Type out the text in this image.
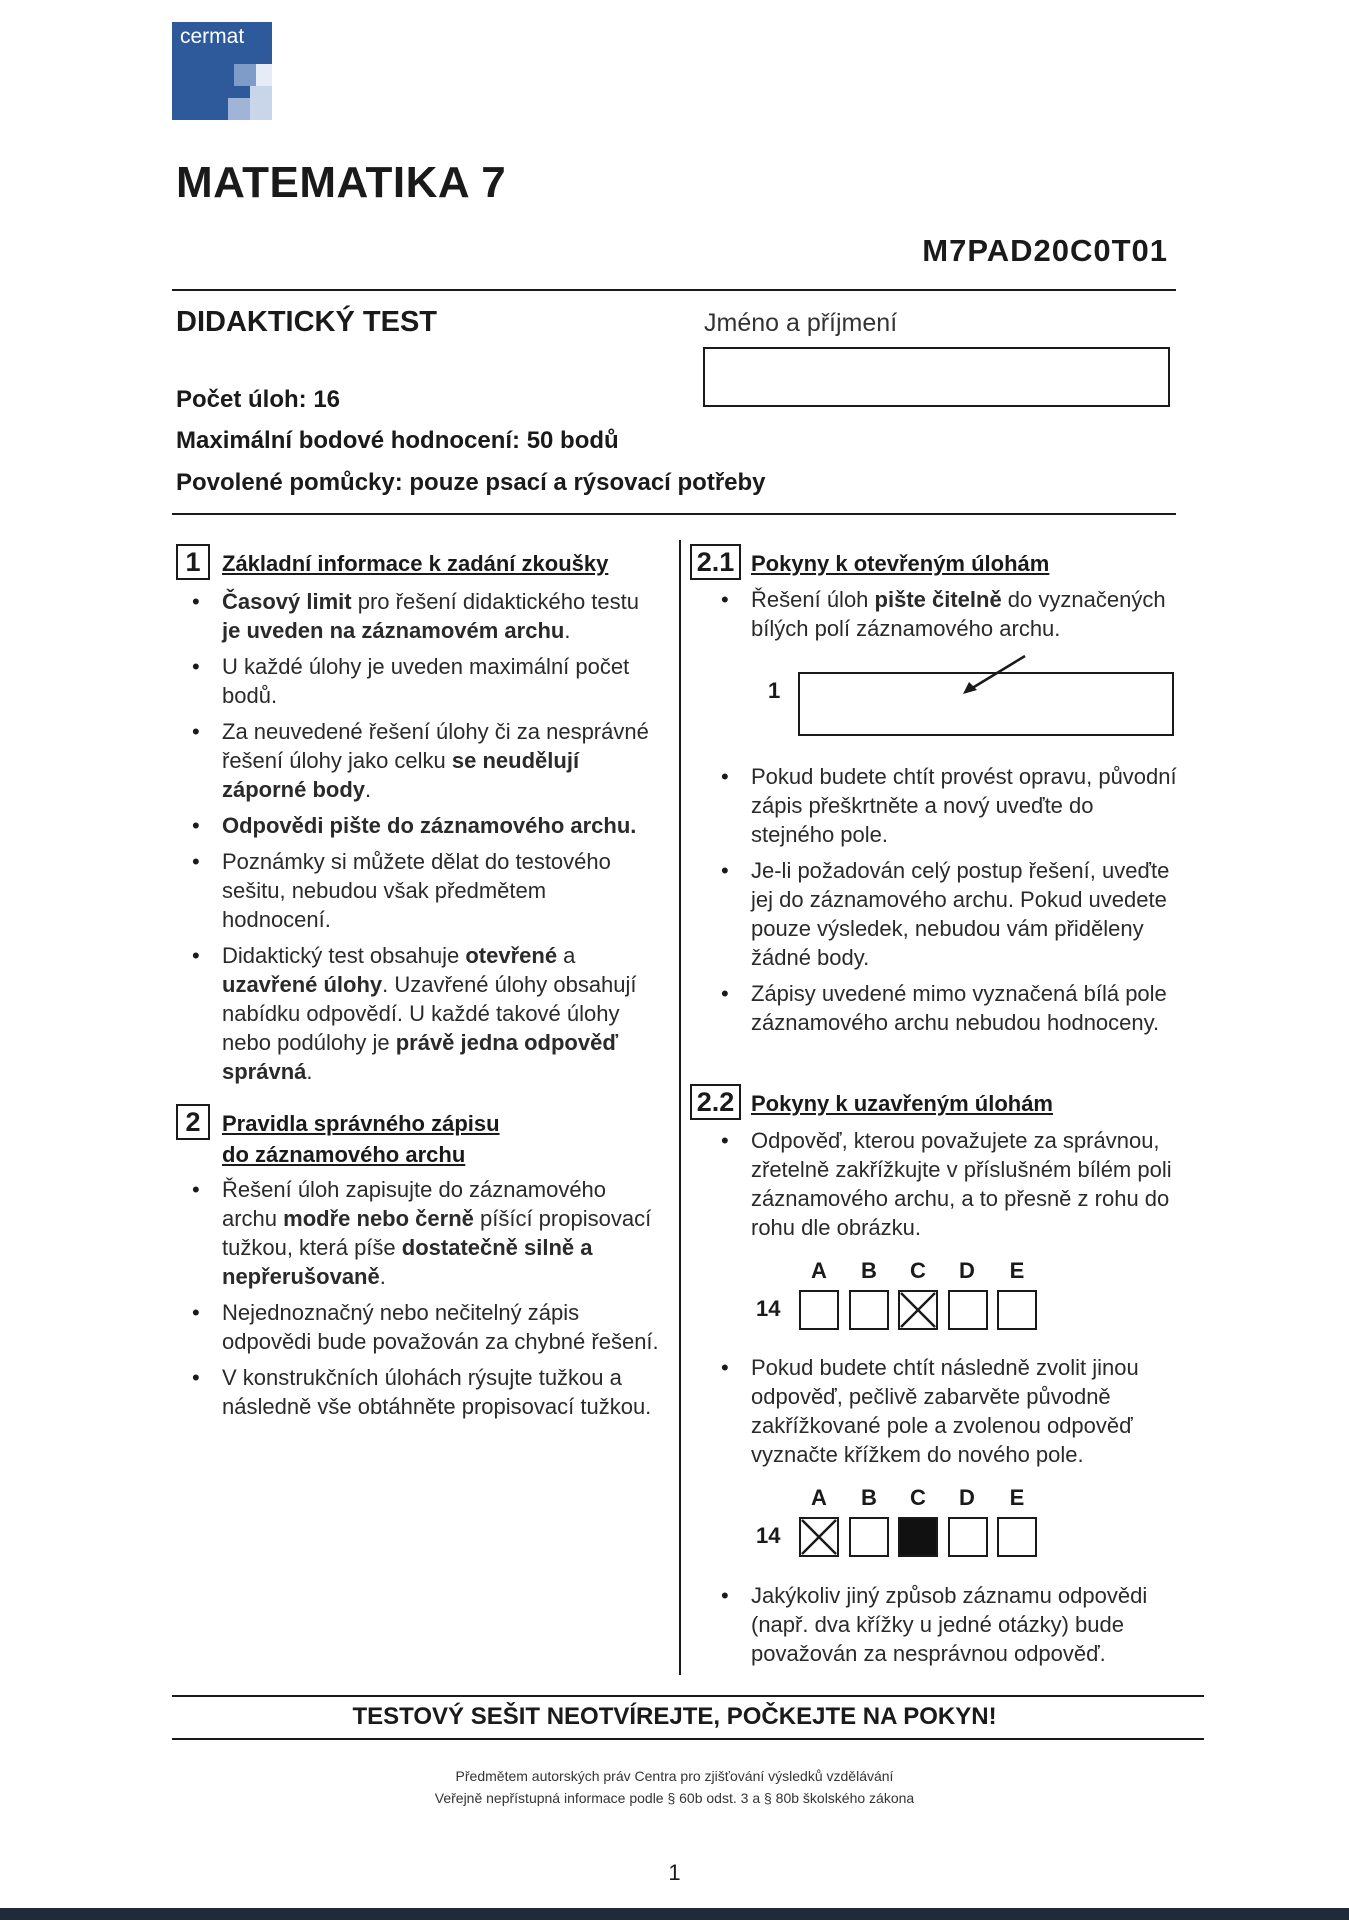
cermat
MATEMATIKA 7
M7PAD20C0T01
DIDAKTICKÝ TEST	Jméno a příjmení
Počet úloh: 16
Maximální bodové hodnocení: 50 bodů
Povolené pomůcky: pouze psací a rýsovací potřeby
1 Základní informace k zadání zkoušky
• Časový limit pro řešení didaktického testu je uveden na záznamovém archu.
• U každé úlohy je uveden maximální počet bodů.
• Za neuvedené řešení úlohy či za nesprávné řešení úlohy jako celku se neudělují záporné body.
• Odpovědi pište do záznamového archu.
• Poznámky si můžete dělat do testového sešitu, nebudou však předmětem hodnocení.
• Didaktický test obsahuje otevřené a uzavřené úlohy. Uzavřené úlohy obsahují nabídku odpovědí. U každé takové úlohy nebo podúlohy je právě jedna odpověď správná.
2 Pravidla správného zápisu
do záznamového archu
• Řešení úloh zapisujte do záznamového archu modře nebo černě píšící propisovací tužkou, která píše dostatečně silně a nepřerušovaně.
• Nejednoznačný nebo nečitelný zápis odpovědi bude považován za chybné řešení.
• V konstrukčních úlohách rýsujte tužkou a následně vše obtáhněte propisovací tužkou.
2.1 Pokyny k otevřeným úlohám
• Řešení úloh pište čitelně do vyznačených bílých polí záznamového archu.
1
• Pokud budete chtít provést opravu, původní zápis přeškrtněte a nový uveďte do stejného pole.
• Je-li požadován celý postup řešení, uveďte jej do záznamového archu. Pokud uvedete pouze výsledek, nebudou vám přiděleny žádné body.
• Zápisy uvedené mimo vyznačená bílá pole záznamového archu nebudou hodnoceny.
2.2 Pokyny k uzavřeným úlohám
• Odpověď, kterou považujete za správnou, zřetelně zakřížkujte v příslušném bílém poli záznamového archu, a to přesně z rohu do rohu dle obrázku.
A	B	C	D	E
14
• Pokud budete chtít následně zvolit jinou odpověď, pečlivě zabarvěte původně zakřížkované pole a zvolenou odpověď vyznačte křížkem do nového pole.
A	B	C	D	E
14
• Jakýkoliv jiný způsob záznamu odpovědi (např. dva křížky u jedné otázky) bude považován za nesprávnou odpověď.
TESTOVÝ SEŠIT NEOTVÍREJTE, POČKEJTE NA POKYN!
Předmětem autorských práv Centra pro zjišťování výsledků vzdělávání
Veřejně nepřístupná informace podle § 60b odst. 3 a § 80b školského zákona
1
